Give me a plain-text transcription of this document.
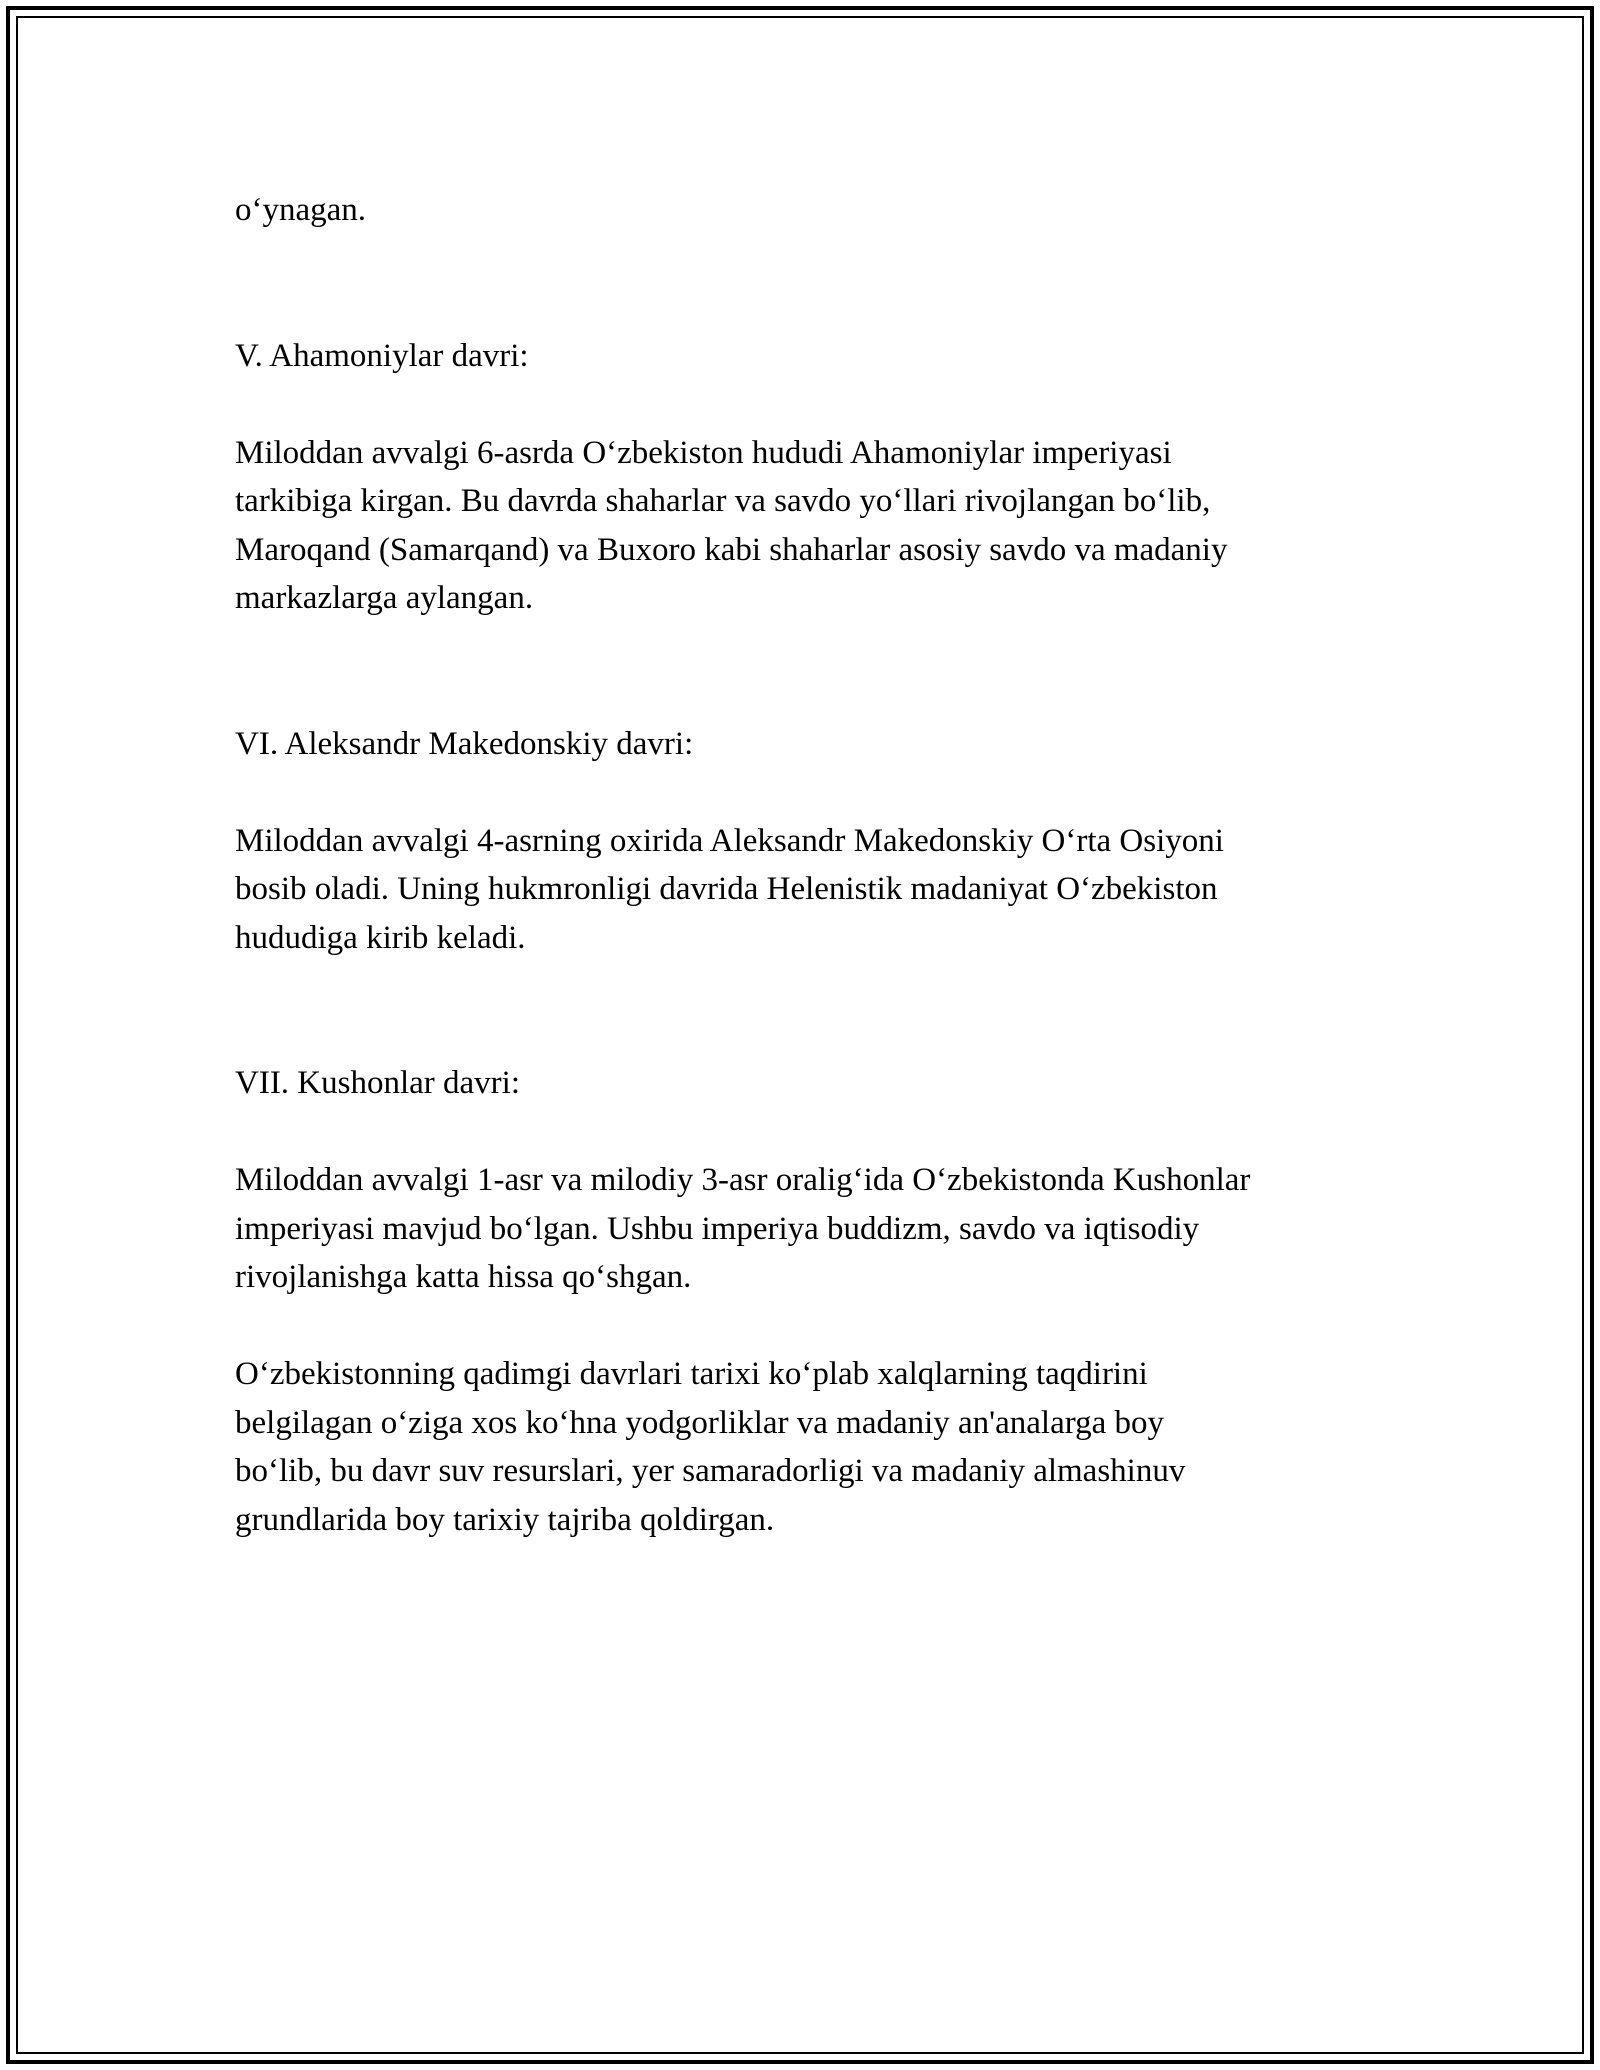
o‘ynagan.

V. Ahamoniylar davri:

Miloddan avvalgi 6-asrda O‘zbekiston hududi Ahamoniylar imperiyasi
tarkibiga kirgan. Bu davrda shaharlar va savdo yo‘llari rivojlangan bo‘lib,
Maroqand (Samarqand) va Buxoro kabi shaharlar asosiy savdo va madaniy
markazlarga aylangan.

VI. Aleksandr Makedonskiy davri:

Miloddan avvalgi 4-asrning oxirida Aleksandr Makedonskiy O‘rta Osiyoni
bosib oladi. Uning hukmronligi davrida Helenistik madaniyat O‘zbekiston
hududiga kirib keladi.

VII. Kushonlar davri:

Miloddan avvalgi 1-asr va milodiy 3-asr oralig‘ida O‘zbekistonda Kushonlar
imperiyasi mavjud bo‘lgan. Ushbu imperiya buddizm, savdo va iqtisodiy
rivojlanishga katta hissa qo‘shgan.

O‘zbekistonning qadimgi davrlari tarixi ko‘plab xalqlarning taqdirini
belgilagan o‘ziga xos ko‘hna yodgorliklar va madaniy an'analarga boy
bo‘lib, bu davr suv resurslari, yer samaradorligi va madaniy almashinuv
grundlarida boy tarixiy tajriba qoldirgan.
